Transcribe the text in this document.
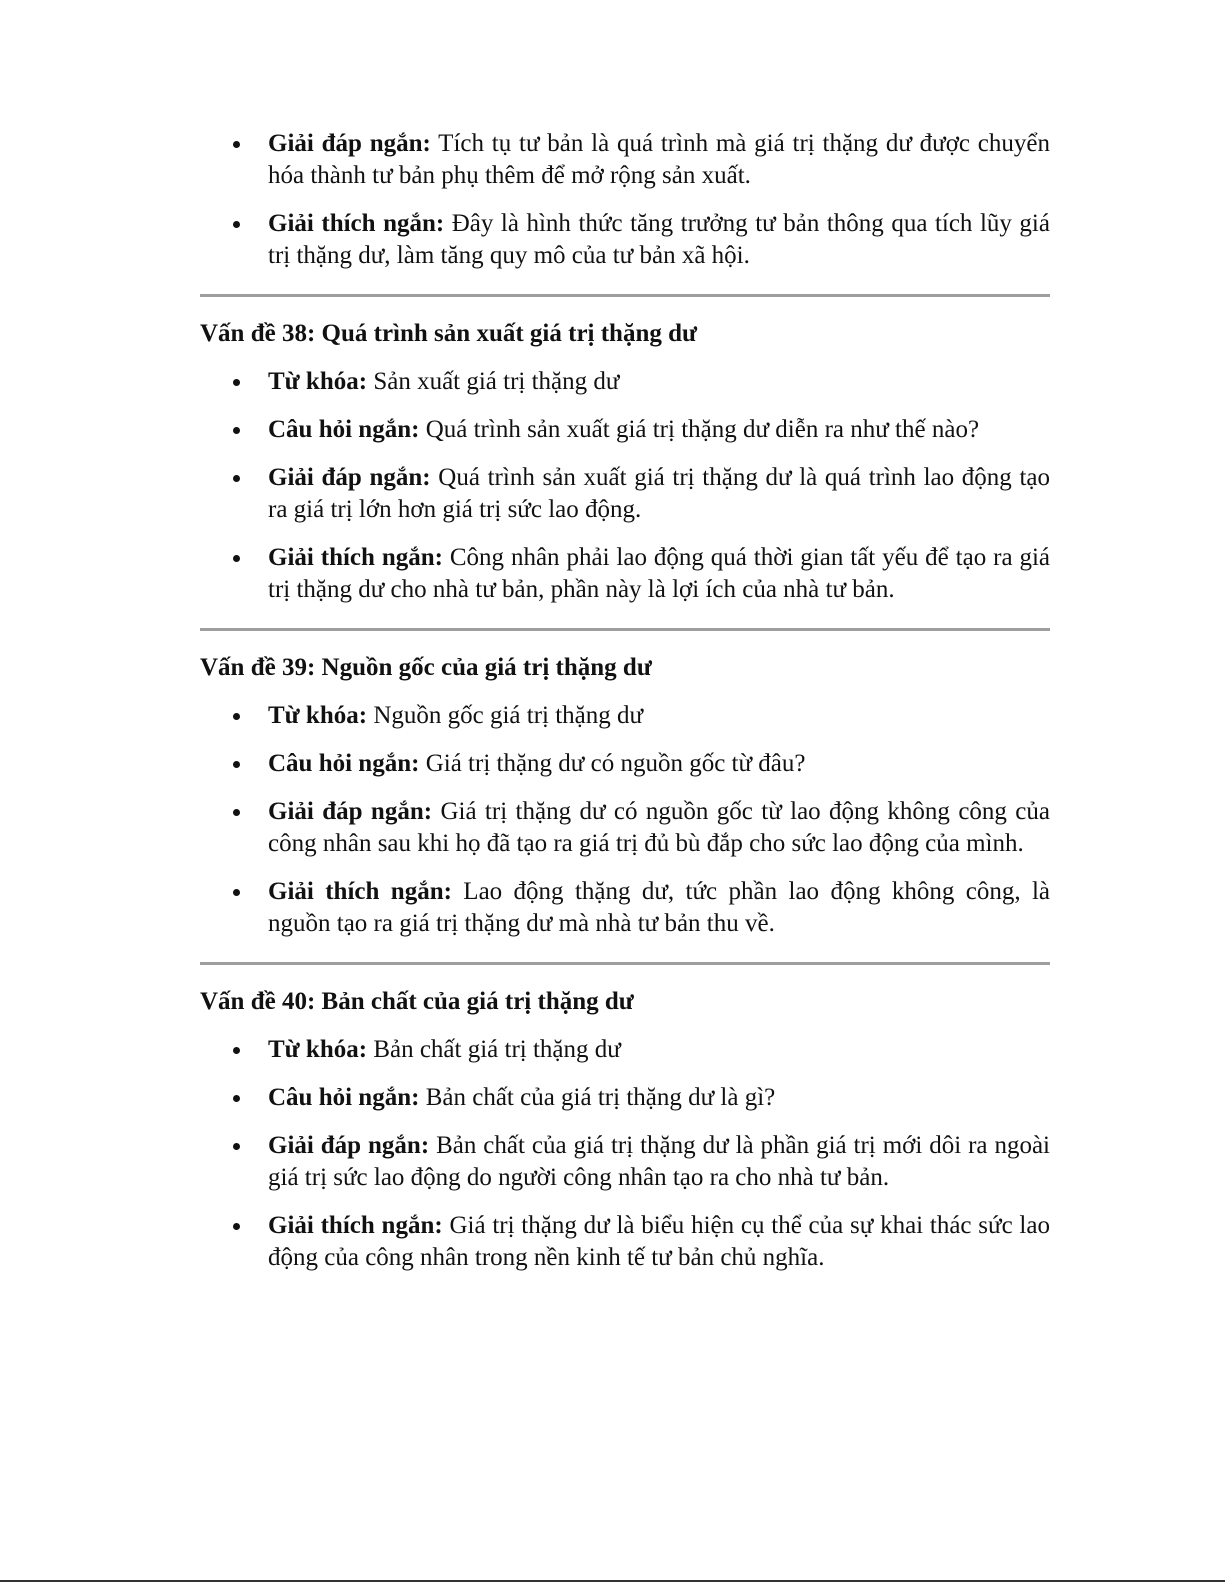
Giải đáp ngắn: Tích tụ tư bản là quá trình mà giá trị thặng dư được chuyển hóa thành tư bản phụ thêm để mở rộng sản xuất.
Giải thích ngắn: Đây là hình thức tăng trưởng tư bản thông qua tích lũy giá trị thặng dư, làm tăng quy mô của tư bản xã hội.
Vấn đề 38: Quá trình sản xuất giá trị thặng dư
Từ khóa: Sản xuất giá trị thặng dư
Câu hỏi ngắn: Quá trình sản xuất giá trị thặng dư diễn ra như thế nào?
Giải đáp ngắn: Quá trình sản xuất giá trị thặng dư là quá trình lao động tạo ra giá trị lớn hơn giá trị sức lao động.
Giải thích ngắn: Công nhân phải lao động quá thời gian tất yếu để tạo ra giá trị thặng dư cho nhà tư bản, phần này là lợi ích của nhà tư bản.
Vấn đề 39: Nguồn gốc của giá trị thặng dư
Từ khóa: Nguồn gốc giá trị thặng dư
Câu hỏi ngắn: Giá trị thặng dư có nguồn gốc từ đâu?
Giải đáp ngắn: Giá trị thặng dư có nguồn gốc từ lao động không công của công nhân sau khi họ đã tạo ra giá trị đủ bù đắp cho sức lao động của mình.
Giải thích ngắn: Lao động thặng dư, tức phần lao động không công, là nguồn tạo ra giá trị thặng dư mà nhà tư bản thu về.
Vấn đề 40: Bản chất của giá trị thặng dư
Từ khóa: Bản chất giá trị thặng dư
Câu hỏi ngắn: Bản chất của giá trị thặng dư là gì?
Giải đáp ngắn: Bản chất của giá trị thặng dư là phần giá trị mới dôi ra ngoài giá trị sức lao động do người công nhân tạo ra cho nhà tư bản.
Giải thích ngắn: Giá trị thặng dư là biểu hiện cụ thể của sự khai thác sức lao động của công nhân trong nền kinh tế tư bản chủ nghĩa.
